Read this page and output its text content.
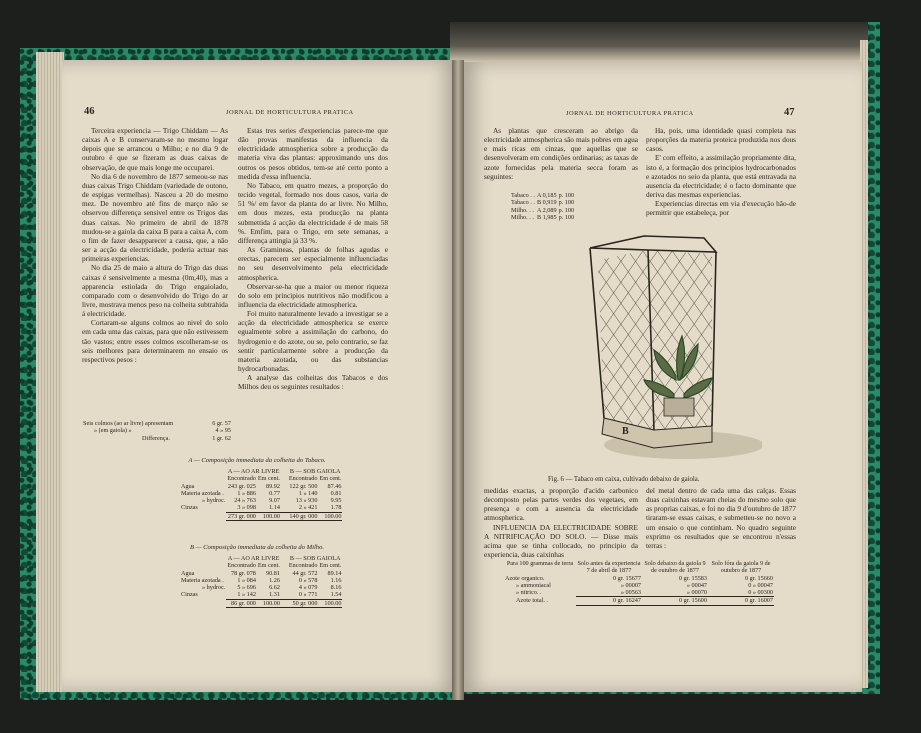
46	JORNAL DE HORTICULTURA PRATICA

Terceira experiencia — Trigo Chiddam — As caixas A e B conservaram-se no mesmo logar depois que se arrancou o Milho; e no dia 9 de outubro é que se fizeram as duas caixas de observação, de que mais longe me occuparei.

No dia 6 de novembro de 1877 semeou-se nas duas caixas Trigo Chiddam (variedade de outono, de espigas vermelhas). Nasceu a 20 do mesmo mez. De novembro até fins de março não se observou differença sensivel entre os Trigos das duas caixas. No primeiro de abril de 1878 mudou-se a gaiola da caixa B para a caixa A, com o fim de fazer desapparecer a causa, que, a não ser a acção da electricidade, poderia actuar nas primeiras experiencias.

No dia 25 de maio a altura do Trigo das duas caixas é sensivelmente a mesma (0m,40), mas a apparencia estiolada do Trigo engaiolado, comparado com o desenvolvido do Trigo do ar livre, mostrava menos peso na colheita subtrahida á electricidade.

Cortaram-se alguns colmos ao nivel do solo em cada uma das caixas, para que não estivessem tão vastos; entre esses colmos escolheram-se os seis melhores para determinarem no ensaio os respectivos pesos :

Seis colmos (ao ar livre) apresentam	6 gr. 57
» (em gaiola) »	4 » 95
Differença.	1 gr. 62

Estas tres series d'experiencias parece-me que dão provas manifestas da influencia da electricidade atmospherica sobre a producção da materia viva das plantas: approximando uns dos outros os pesos obtidos, tem-se até certo ponto a medida d'essa influencia.

No Tabaco, em quatro mezes, a proporção do tecido vegetal, formado nos dous casos, varia de 51 %/ em favor da planta do ar livre. No Milho, em dous mezes, esta producção na planta submettida á acção da electricidade é de mais 58 %. Emfim, para o Trigo, em sete semanas, a differença attingia já 33 %.

As Gramineas, plantas de folhas agudas e erectas, parecem ser especialmente influenciadas no seu desenvolvimento pela electricidade atmospherica.

Observar-se-ha que a maior ou menor riqueza do solo em principios nutritivos não modificou a influencia da electricidade atmospherica.

Foi muito naturalmente levado a investigar se a acção da electricidade atmospherica se exerce egualmente sobre a assimilação do carbono, do hydrogenio e do azote, ou se, pelo contrario, se faz sentir particularmente sobre a producção da materia azotada, ou das substancias hydrocarbonadas.

A analyse das colheitas dos Tabacos e dos Milhos deu os seguintes resultados :

A — Composição immediata da colheita do Tabaco.
	A — AO AR LIVRE		B — SOB GAIOLA	
	Encontrado	Em cent.	Encontrado	Em cent.
Agua	243 gr. 025	89.92	122 gr. 500	87.46
Materia azotada .	1 » 886	0.77	1 » 140	0.81
» hydroc.	24 » 763	9.07	13 » 930	9.95
Cinzas	3 » 098	1.14	2 » 421	1.78
	273 gr. 000	100.00	140 gr. 000	100.00
B — Composição immediata da colheita do Milho.
	A — AO AR LIVRE		B — SOB GAIOLA	
	Encontrado	Em cent.	Encontrado	Em cent.
Agua	78 gr. 078	90.81	44 gr. 572	89.14
Materia azotada .	1 » 084	1.26	0 » 578	1.16
» hydroc.	5 » 696	6.62	4 » 079	8.16
Cinzas	1 » 142	1.31	0 » 771	1.54
	86 gr. 000	100.00	50 gr. 000	100.00
JORNAL DE HORTICULTURA PRATICA	47

As plantas que cresceram ao abrigo da electricidade atmospherica são mais pobres em agua e mais ricas em cinzas, que aquellas que se desenvolveram em condições ordinarias; as taxas de azote fornecidas pela materia secca foram as seguintes:

Tabaco . .	A 0,185	p. 100
Tabaco . .	B 0,919	p. 100
Milho. . .	A 2,089	p. 100
Milho. . .	B 1,985	p. 100

Ha, pois, uma identidade quasi completa nas proporções da materia proteica produzida nos dous casos.

E' com effeito, a assimilação propriamente dita, isto é, a formação dos principios hydrocarbonados e azotados no seio da planta, que está entravada na ausencia da electricidade; é o facto dominante que deriva das mesmas experiencias.

Experiencias directas em via d'execução hão-de permittir que estabeleça, por

B
Fig. 6 — Tabaco em caixa, cultivado debaixo de gaiola.

medidas exactas, a proporção d'acido carbonico decomposto pelas partes verdes dos vegetaes, em presença e com a ausencia da electricidade atmospherica.

INFLUENCIA DA ELECTRICIDADE SOBRE A NITRIFICAÇÃO DO SOLO. — Disse mais acima que se tinha collocado, no principio da experiencia, duas caixinhas

del metal dentro de cada uma das calças. Essas duas caixinhas estavam cheias do mesmo solo que as proprias caixas, e foi no dia 9 d'outubro de 1877 tiraram-se essas caixas, e submetteu-se no novo a um ensaio o que continham. No quadro seguinte exprimo os resultados que se encontrou n'essas terras :

Para 100 grammas de terra	Solo antes da experiencia 7 de abril de 1877	Solo debaixo da gaiola 9 de outubro de 1877	Solo fóra da gaiola 9 de outubro de 1877
Azote organico.	0 gr. 15677	0 gr. 15583	0 gr. 15660
» ammoniacal	» 00007	» 00047	0 » 00047
» nitrico. .	» 00563	» 00070	0 » 00300
Azote total. .	0 gr. 16247	0 gr. 15600	0 gr. 16007
